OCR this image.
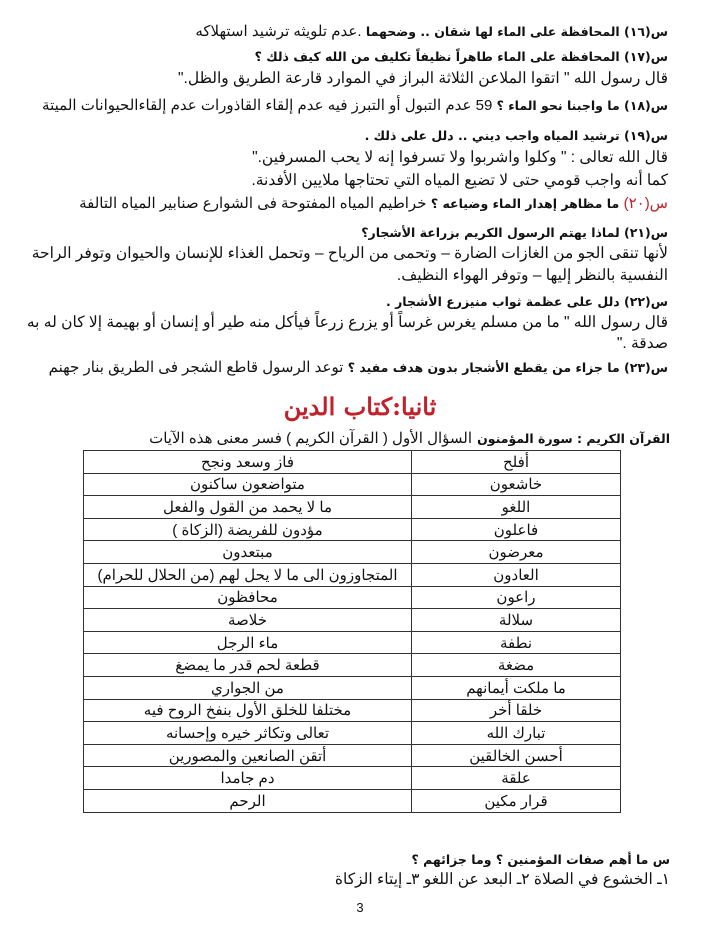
س(١٦) المحافظة على الماء لها شقان .. وضحهما .عدم تلويثه ترشيد استهلاكه
س(١٧) المحافظة على الماء طاهراً نظيفاً تكليف من الله كيف ذلك ؟
قال رسول الله " اتقوا الملاعن الثلاثة البراز في الموارد قارعة الطريق والظل."
س(١٨) ما واجبنا نحو الماء ؟ 59 عدم التبول أو التبرز فيه عدم إلقاء القاذورات عدم إلقاءالحيوانات الميتة
س(١٩) ترشيد المياه واجب ديني .. دلل على ذلك .
قال الله تعالى : " وكلوا واشربوا ولا تسرفوا إنه لا يحب المسرفين."
كما أنه واجب قومي حتى لا تضيع المياه التي تحتاجها ملايين الأفدنة.
س(٢٠) ما مظاهر إهدار الماء وضياعه ؟ خراطيم المياه المفتوحة فى الشوارع صنابير المياه التالفة
س(٢١) لماذا يهتم الرسول الكريم بزراعة الأشجار؟
لأنها تنقى الجو من الغازات الضارة – وتحمى من الرياح – وتحمل الغذاء للإنسان والحيوان وتوفر الراحة
النفسية بالنظر إليها – وتوفر الهواء النظيف.
س(٢٢) دلل على عظمة ثواب منيزرع الأشجار .
قال رسول الله " ما من مسلم يغرس غرساً أو يزرع زرعاً فيأكل منه طير أو إنسان أو بهيمة إلا كان له به
صدقة ."
س(٢٣) ما جزاء من يقطع الأشجار بدون هدف مفيد ؟ توعد الرسول قاطع الشجر فى الطريق بنار جهنم
ثانيا:كتاب الدين
القرآن الكريم : سورة المؤمنون السؤال الأول ( القرآن الكريم ) فسر معنى هذه الآيات
أفلح	فاز وسعد ونجح
خاشعون	متواضعون ساكنون
اللغو	ما لا يحمد من القول والفعل
فاعلون	مؤدون للفريضة (الزكاة )
معرضون	مبتعدون
العادون	المتجاوزون الى ما لا يحل لهم (من الحلال للحرام)
راعون	محافظون
سلالة	خلاصة
نطفة	ماء الرجل
مضغة	قطعة لحم قدر ما يمضغ
ما ملكت أيمانهم	من الجواري
خلقا أخر	مختلفا للخلق الأول بنفخ الروح فيه
تبارك الله	تعالى وتكاثر خيره وإحسانه
أحسن الخالقين	أتقن الصانعين والمصورين
علقة	دم جامدا
قرار مكين	الرحم
س ما أهم صفات المؤمنين ؟ وما جزائهم ؟
١ـ الخشوع في الصلاة ٢ـ البعد عن اللغو ٣ـ إيتاء الزكاة
3
